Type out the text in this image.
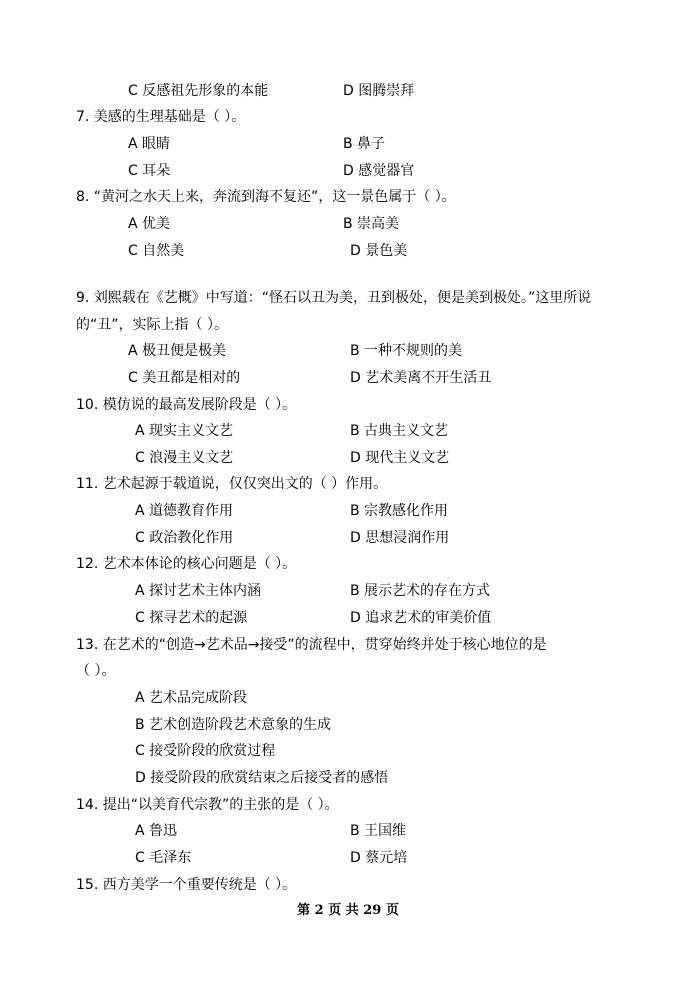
C 反感祖先形象的本能	D 图腾崇拜
7. 美感的生理基础是（ ）。
A 眼睛	B 鼻子
C 耳朵	D 感觉器官
8. “黄河之水天上来，奔流到海不复还”，这一景色属于（ ）。
A 优美	B 崇高美
C 自然美	D 景色美
9. 刘熙载在《艺概》中写道：“怪石以丑为美，丑到极处，便是美到极处。”这里所说
的“丑”，实际上指（ ）。
A 极丑便是极美	B 一种不规则的美
C 美丑都是相对的	D 艺术美离不开生活丑
10. 模仿说的最高发展阶段是（ ）。
A 现实主义文艺	B 古典主义文艺
C 浪漫主义文艺	D 现代主义文艺
11. 艺术起源于载道说，仅仅突出文的（ ）作用。
A 道德教育作用	B 宗教感化作用
C 政治教化作用	D 思想浸润作用
12. 艺术本体论的核心问题是（ ）。
A 探讨艺术主体内涵	B 展示艺术的存在方式
C 探寻艺术的起源	D 追求艺术的审美价值
13. 在艺术的“创造→艺术品→接受”的流程中，贯穿始终并处于核心地位的是
（ ）。
A 艺术品完成阶段
B 艺术创造阶段艺术意象的生成
C 接受阶段的欣赏过程
D 接受阶段的欣赏结束之后接受者的感悟
14. 提出“以美育代宗教”的主张的是（ ）。
A 鲁迅	B 王国维
C 毛泽东	D 蔡元培
15. 西方美学一个重要传统是（ ）。
第 2 页 共 29 页
